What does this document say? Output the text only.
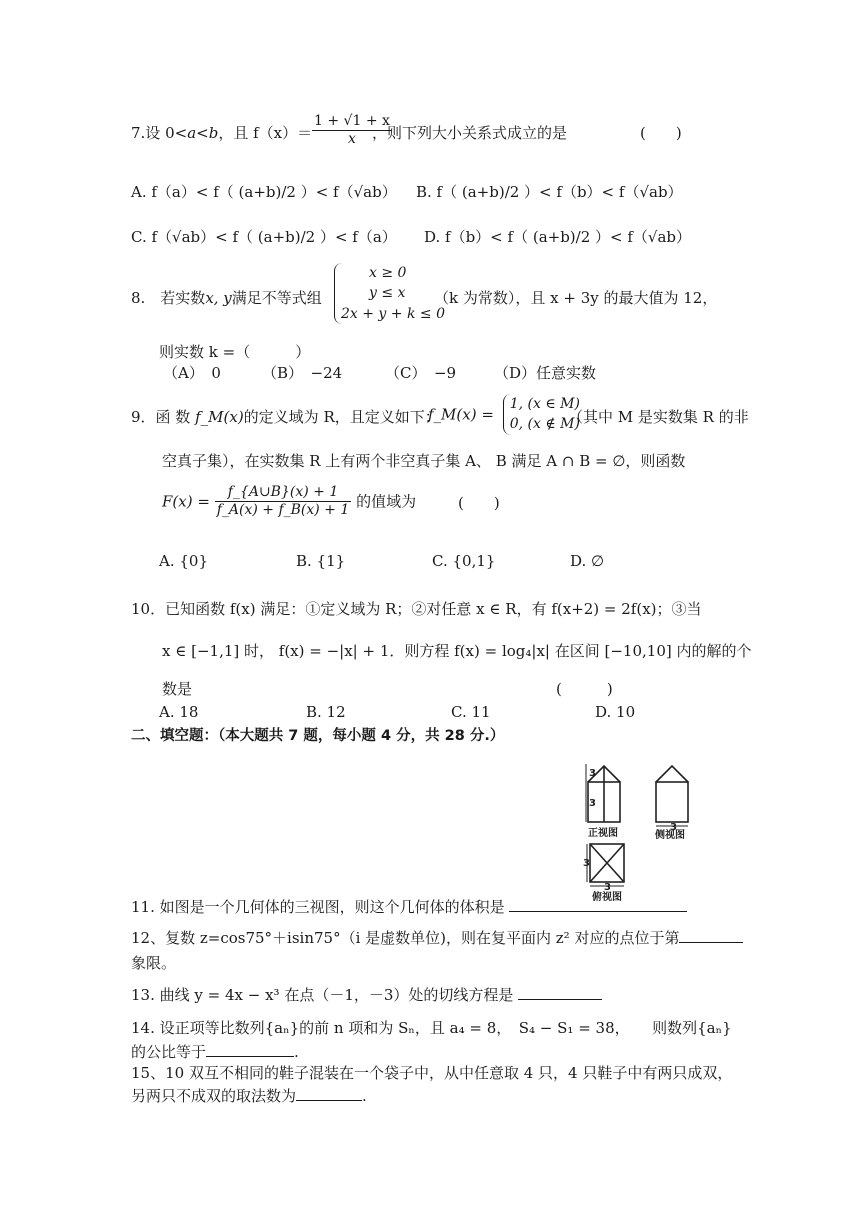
7.设 0<a<b，且 $f(x)= \frac{1 + √1 + x}{x}$
，则下列大小关系式成立的是	(　　)
A. f（a）< f（ (a+b)/2 ）< f（√ab） B. f（ (a+b)/2 ）< f（b）< f（√ab）
C. f（√ab）< f（ (a+b)/2 ）< f（a） D. f（b）< f（ (a+b)/2 ）< f（√ab）
8.　若实数x, y满足不等式组
x ≥ 0
y ≤ x
2x + y + k ≤ 0
（k 为常数），且 x + 3y 的最大值为 12，
则实数 k =（　　　）
（A）　0	（B）　−24	（C）　−9	（D）任意实数
9．函 数 f_M(x)的定义域为 R，且定义如下：
f_M(x) =
1, (x ∈ M)
0, (x ∉ M)
（其中 M 是实数集 R 的非
空真子集），在实数集 R 上有两个非空真子集 A、 B 满足 A ∩ B = ∅，则函数
$F(x) = \frac{f\_\{A\cup B\}(x) + 1}{f\_A(x) + f\_B(x) + 1}$ 的值域为	(　　)
A. {0}	B. {1}	C. {0,1}	D. ∅
10．已知函数 f(x) 满足：①定义域为 R；②对任意 x ∈ R，有 f(x+2) = 2f(x)；③当
x ∈ [−1,1] 时， f(x) = −|x| + 1．则方程 f(x) = log₄|x| 在区间 [−10,10] 内的解的个
数是	(　　　)
A. 18	B. 12	C. 11	D. 10
二、填空题：（本大题共 7 题，每小题 4 分，共 28 分.）
3
3
正视图
3
侧视图
3
3
俯视图
11. 如图是一个几何体的三视图，则这个几何体的体积是
12、复数 z=cos75°＋isin75°（i 是虚数单位)，则在复平面内 z² 对应的点位于第
象限。
13. 曲线 y = 4x − x³ 在点（－1，－3）处的切线方程是
14. 设正项等比数列{aₙ}的前 n 项和为 Sₙ，且 a₄ = 8，　S₄ − S₁ = 38，　　则数列{aₙ}
的公比等于	.
15、10 双互不相同的鞋子混装在一个袋子中，从中任意取 4 只，4 只鞋子中有两只成双，
另两只不成双的取法数为	.
